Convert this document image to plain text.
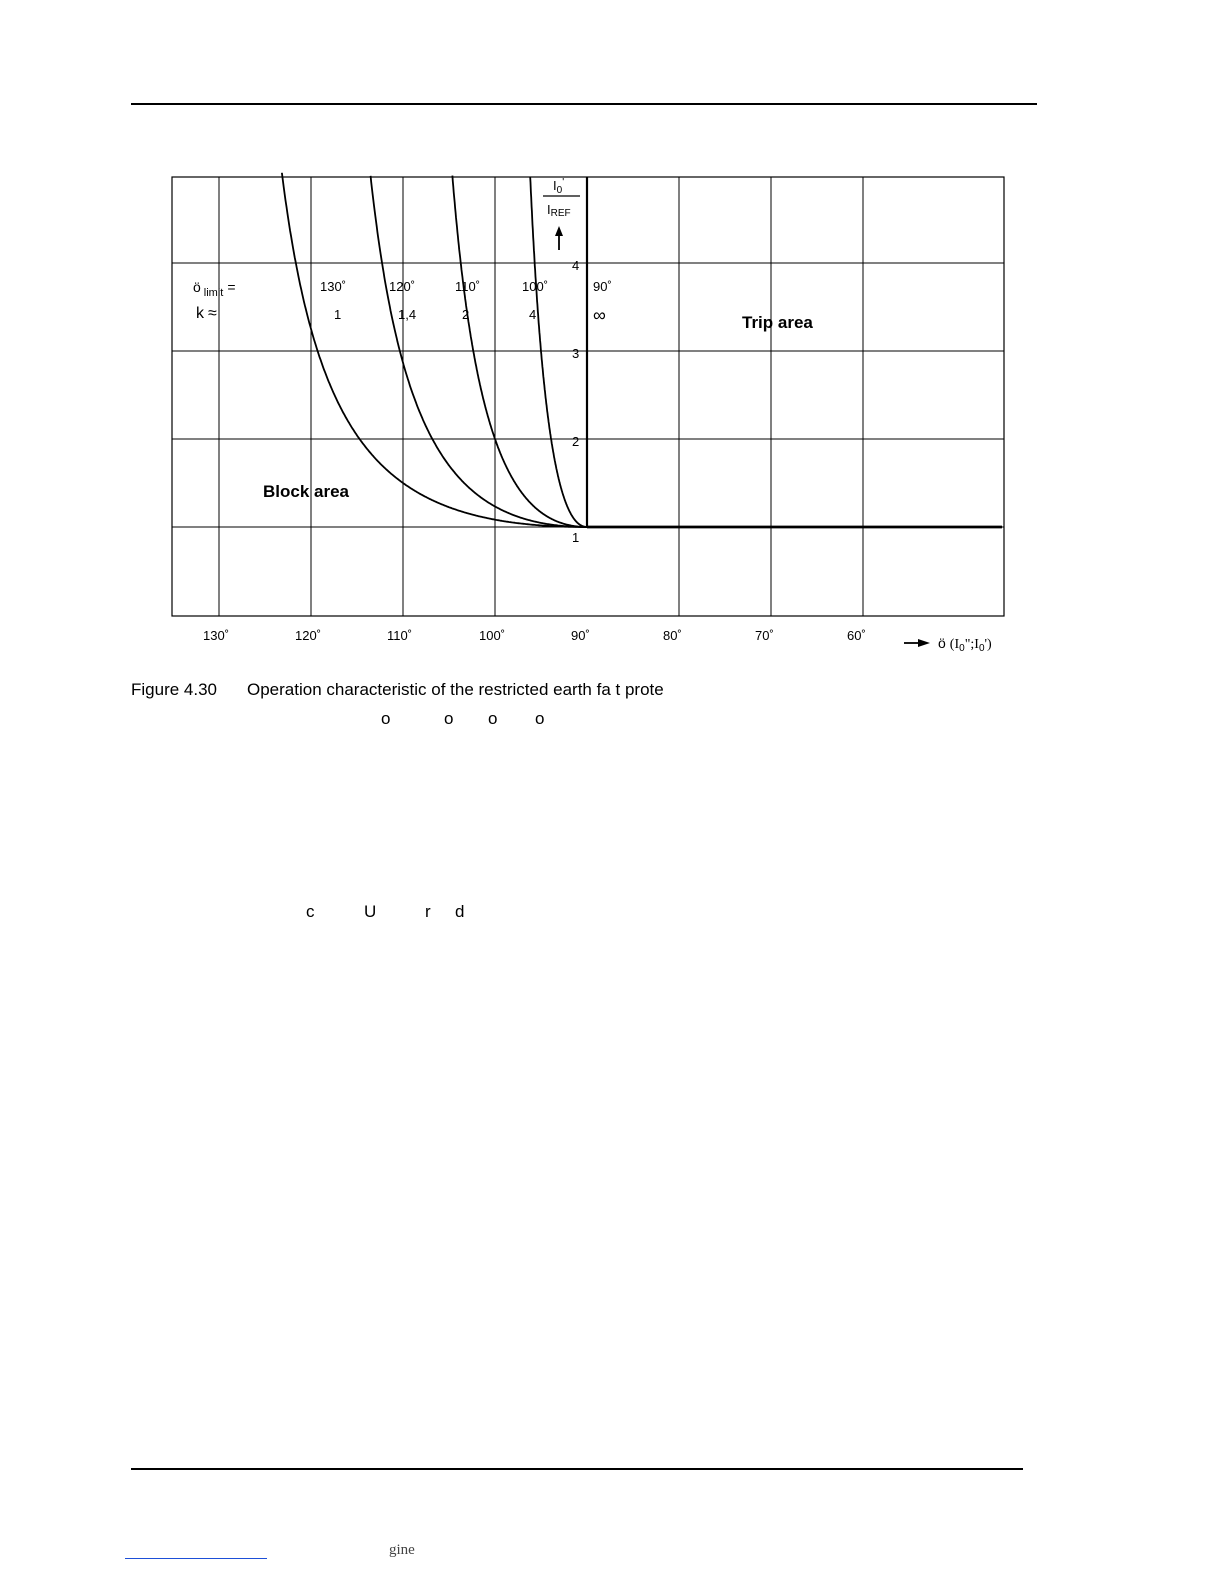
130˚	120˚	110˚	100˚	90˚	80˚	70˚	60˚
1
2
3
4
$I_0'$
IREF
ö $_{limit}$ =	130˚	120˚	110˚	100˚	90˚
k ≈	1	1,4	2	4	∞	Trip area
Block area
ö $(I_0";I_0')$
Figure 4.30 Operation characteristic of the restricted earth fa t prote
o	o o o
c	U	r d
gine
